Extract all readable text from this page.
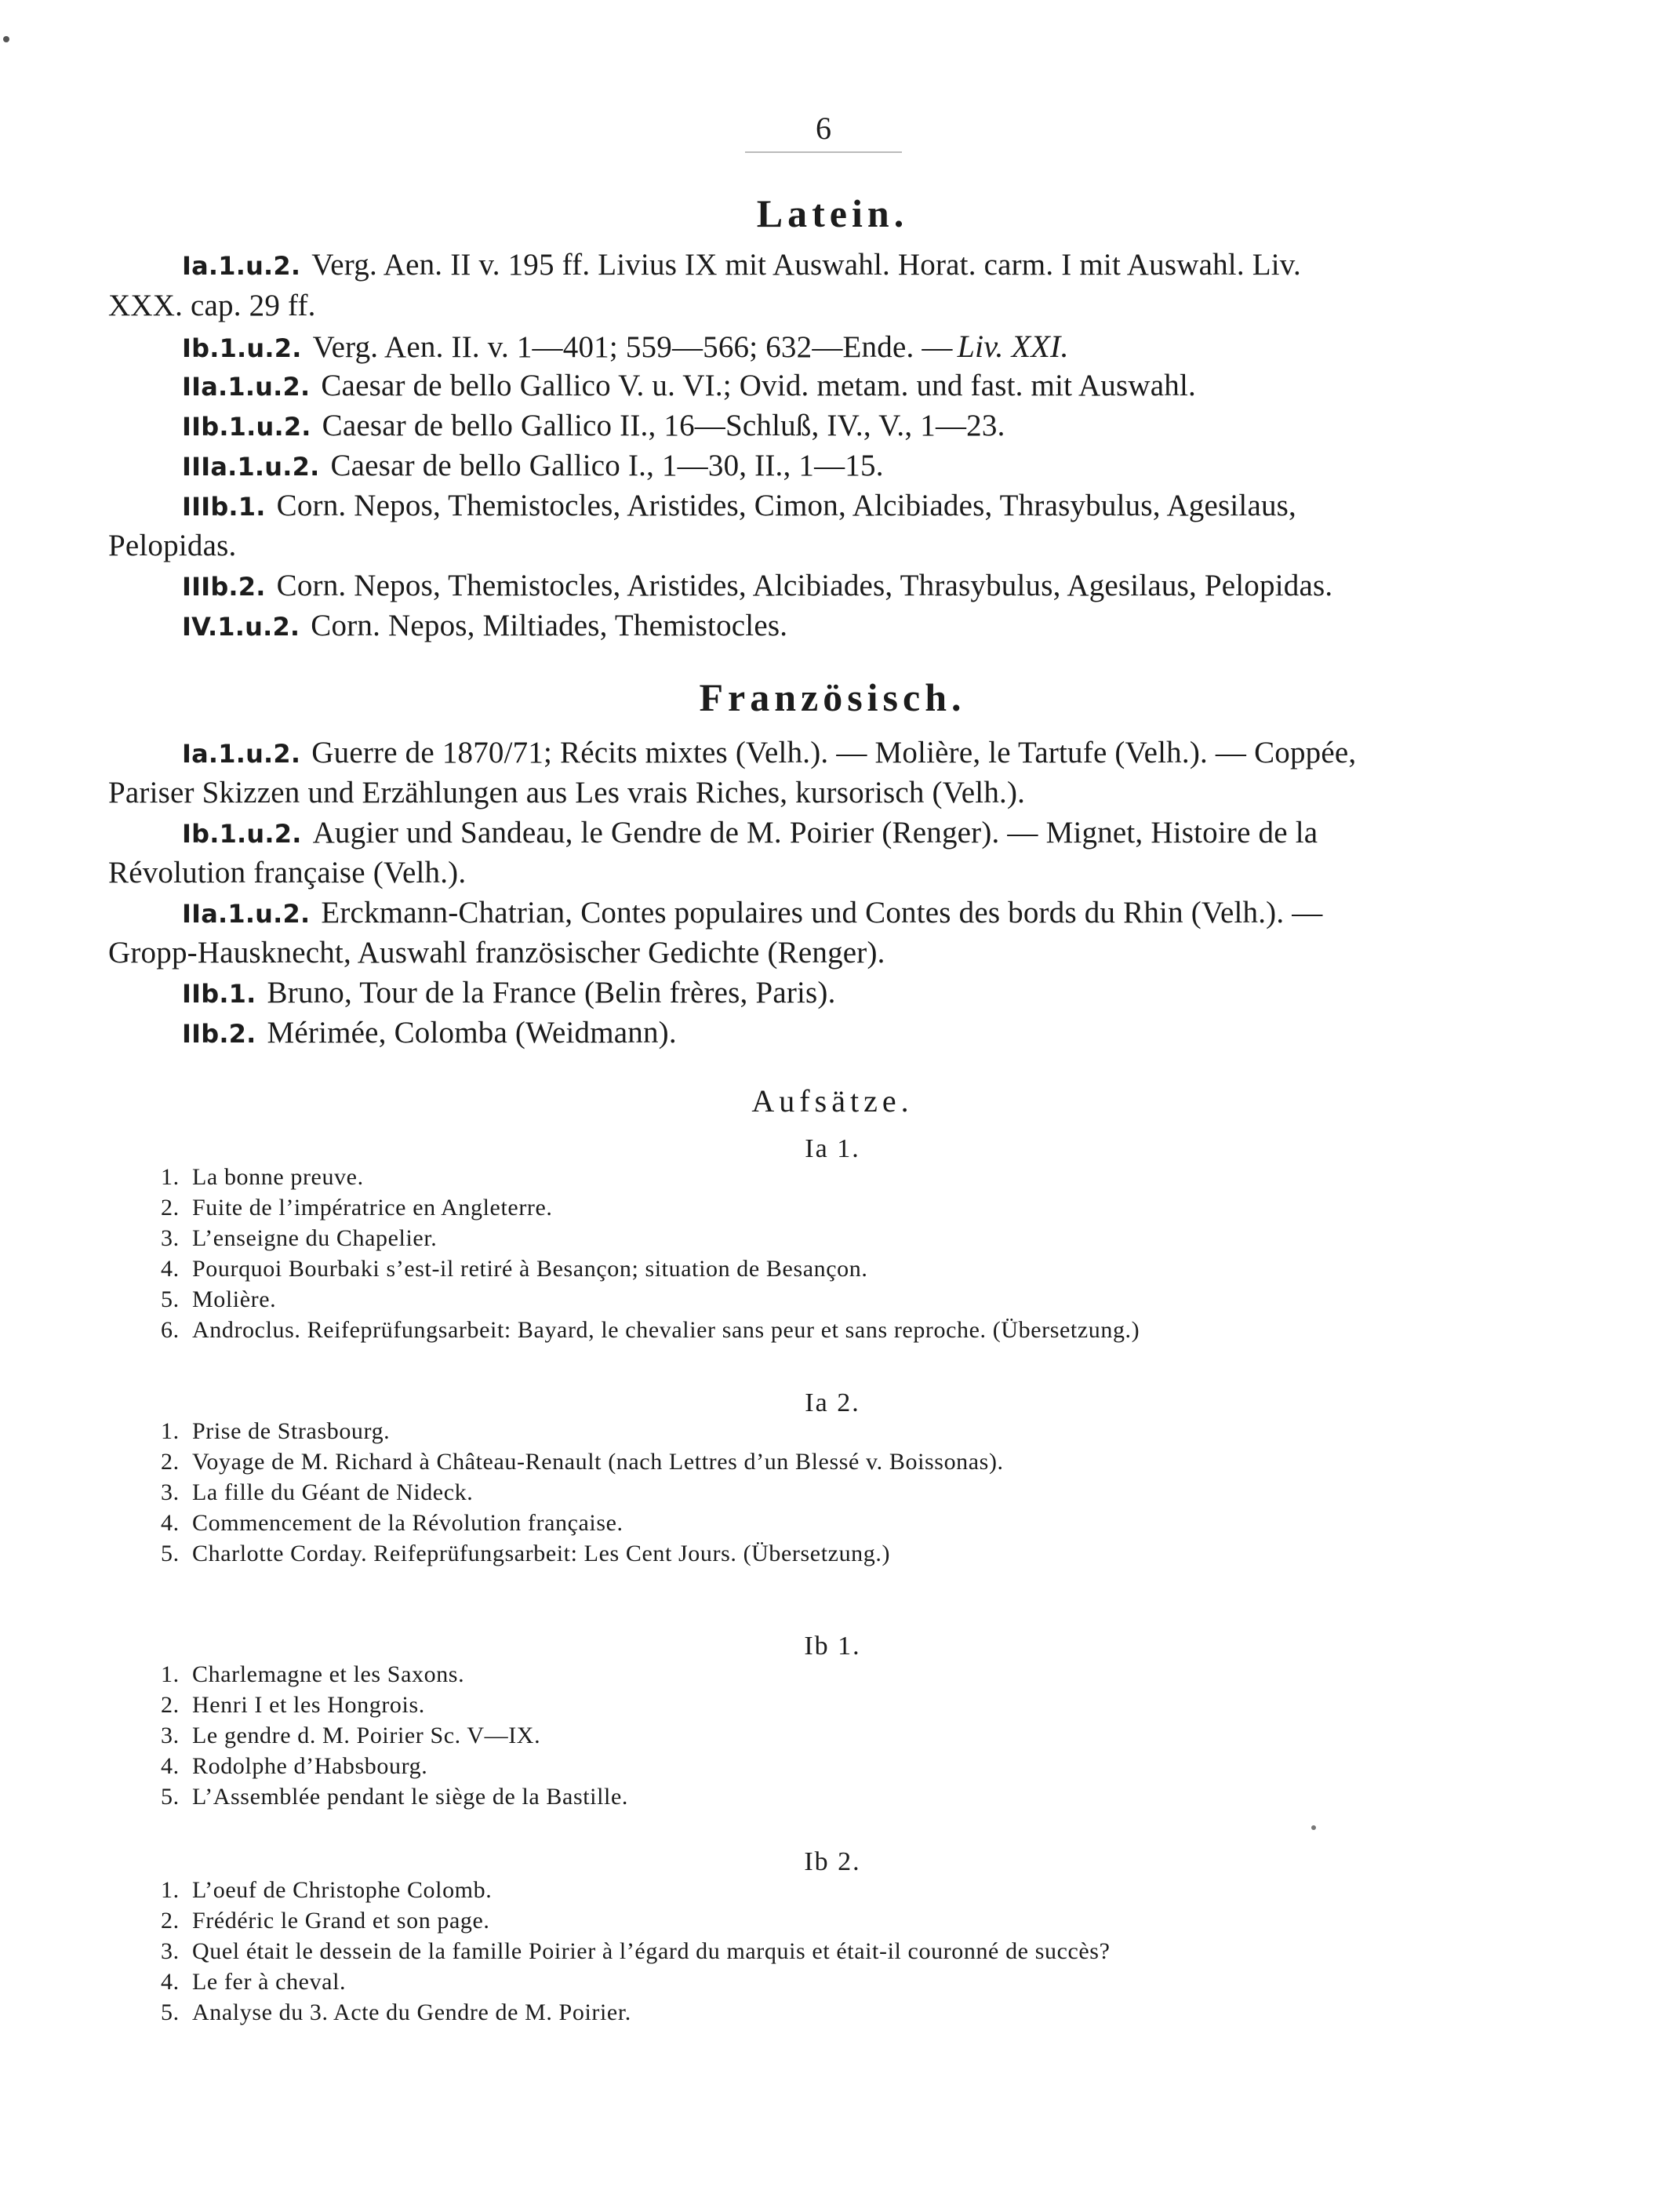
6
Latein.
Ia.1.u.2. Verg. Aen. II v. 195 ff. Livius IX mit Auswahl. Horat. carm. I mit Auswahl. Liv.
XXX. cap. 29 ff.
Ib.1.u.2. Verg. Aen. II. v. 1—401; 559—566; 632—Ende. — Liv. XXI.
IIa.1.u.2. Caesar de bello Gallico V. u. VI.; Ovid. metam. und fast. mit Auswahl.
IIb.1.u.2. Caesar de bello Gallico II., 16—Schluß, IV., V., 1—23.
IIIa.1.u.2. Caesar de bello Gallico I., 1—30, II., 1—15.
IIIb.1. Corn. Nepos, Themistocles, Aristides, Cimon, Alcibiades, Thrasybulus, Agesilaus,
Pelopidas.
IIIb.2. Corn. Nepos, Themistocles, Aristides, Alcibiades, Thrasybulus, Agesilaus, Pelopidas.
IV.1.u.2. Corn. Nepos, Miltiades, Themistocles.
Französisch.
Ia.1.u.2. Guerre de 1870/71; Récits mixtes (Velh.). — Molière, le Tartufe (Velh.). — Coppée,
Pariser Skizzen und Erzählungen aus Les vrais Riches, kursorisch (Velh.).
Ib.1.u.2. Augier und Sandeau, le Gendre de M. Poirier (Renger). — Mignet, Histoire de la
Révolution française (Velh.).
IIa.1.u.2. Erckmann-Chatrian, Contes populaires und Contes des bords du Rhin (Velh.). —
Gropp-Hausknecht, Auswahl französischer Gedichte (Renger).
IIb.1. Bruno, Tour de la France (Belin frères, Paris).
IIb.2. Mérimée, Colomba (Weidmann).
Aufsätze.
Ia 1.
1. La bonne preuve.
2. Fuite de l’impératrice en Angleterre.
3. L’enseigne du Chapelier.
4. Pourquoi Bourbaki s’est-il retiré à Besançon; situation de Besançon.
5. Molière.
6. Androclus. Reifeprüfungsarbeit: Bayard, le chevalier sans peur et sans reproche. (Übersetzung.)
Ia 2.
1. Prise de Strasbourg.
2. Voyage de M. Richard à Château-Renault (nach Lettres d’un Blessé v. Boissonas).
3. La fille du Géant de Nideck.
4. Commencement de la Révolution française.
5. Charlotte Corday. Reifeprüfungsarbeit: Les Cent Jours. (Übersetzung.)
Ib 1.
1. Charlemagne et les Saxons.
2. Henri I et les Hongrois.
3. Le gendre d. M. Poirier Sc. V—IX.
4. Rodolphe d’Habsbourg.
5. L’Assemblée pendant le siège de la Bastille.
Ib 2.
1. L’oeuf de Christophe Colomb.
2. Frédéric le Grand et son page.
3. Quel était le dessein de la famille Poirier à l’égard du marquis et était-il couronné de succès?
4. Le fer à cheval.
5. Analyse du 3. Acte du Gendre de M. Poirier.
